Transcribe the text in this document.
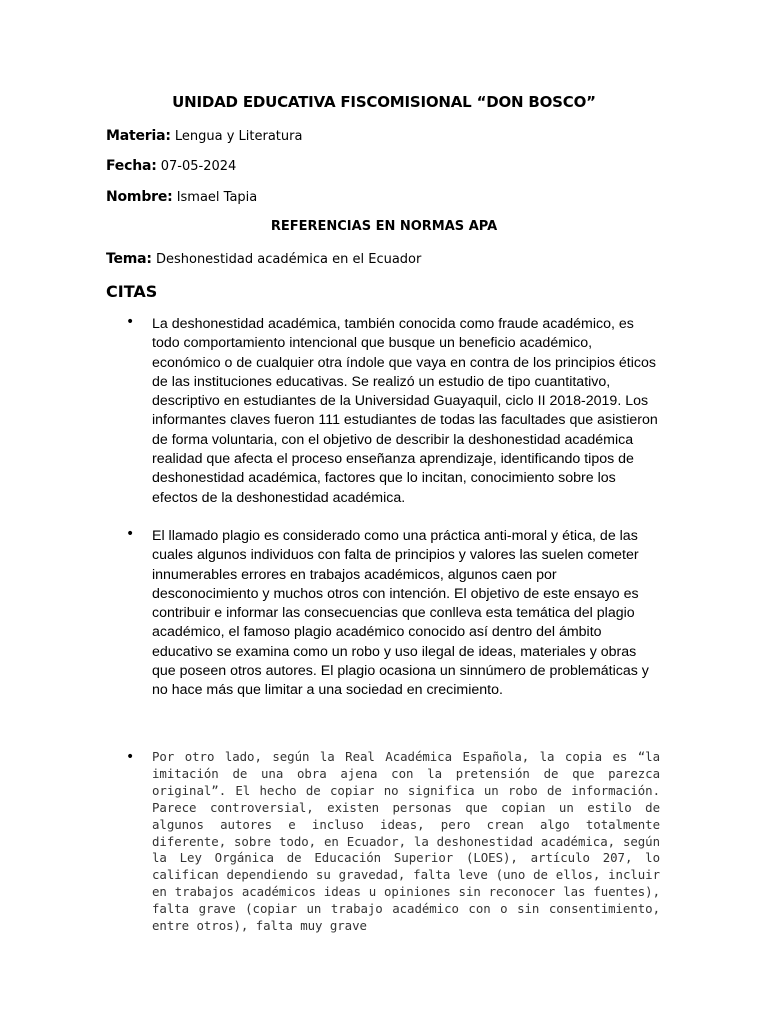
UNIDAD EDUCATIVA FISCOMISIONAL “DON BOSCO”
Materia: Lengua y Literatura
Fecha: 07-05-2024
Nombre: Ismael Tapia
REFERENCIAS EN NORMAS APA
Tema: Deshonestidad académica en el Ecuador
CITAS
• La deshonestidad académica, también conocida como fraude académico, es todo comportamiento intencional que busque un beneficio académico, económico o de cualquier otra índole que vaya en contra de los principios éticos de las instituciones educativas. Se realizó un estudio de tipo cuantitativo, descriptivo en estudiantes de la Universidad Guayaquil, ciclo II 2018-2019. Los informantes claves fueron 111 estudiantes de todas las facultades que asistieron de forma voluntaria, con el objetivo de describir la deshonestidad académica realidad que afecta el proceso enseñanza aprendizaje, identificando tipos de deshonestidad académica, factores que lo incitan, conocimiento sobre los efectos de la deshonestidad académica.
• El llamado plagio es considerado como una práctica anti-moral y ética, de las cuales algunos individuos con falta de principios y valores las suelen cometer innumerables errores en trabajos académicos, algunos caen por desconocimiento y muchos otros con intención. El objetivo de este ensayo es contribuir e informar las consecuencias que conlleva esta temática del plagio académico, el famoso plagio académico conocido así dentro del ámbito educativo se examina como un robo y uso ilegal de ideas, materiales y obras que poseen otros autores. El plagio ocasiona un sinnúmero de problemáticas y no hace más que limitar a una sociedad en crecimiento.
• Por otro lado, según la Real Académica Española, la copia es “la imitación de una obra ajena con la pretensión de que parezca original”. El hecho de copiar no significa un robo de información. Parece controversial, existen personas que copian un estilo de algunos autores e incluso ideas, pero crean algo totalmente diferente, sobre todo, en Ecuador, la deshonestidad académica, según la Ley Orgánica de Educación Superior (LOES), artículo 207, lo califican dependiendo su gravedad, falta leve (uno de ellos, incluir en trabajos académicos ideas u opiniones sin reconocer las fuentes), falta grave (copiar un trabajo académico con o sin consentimiento, entre otros), falta muy grave
